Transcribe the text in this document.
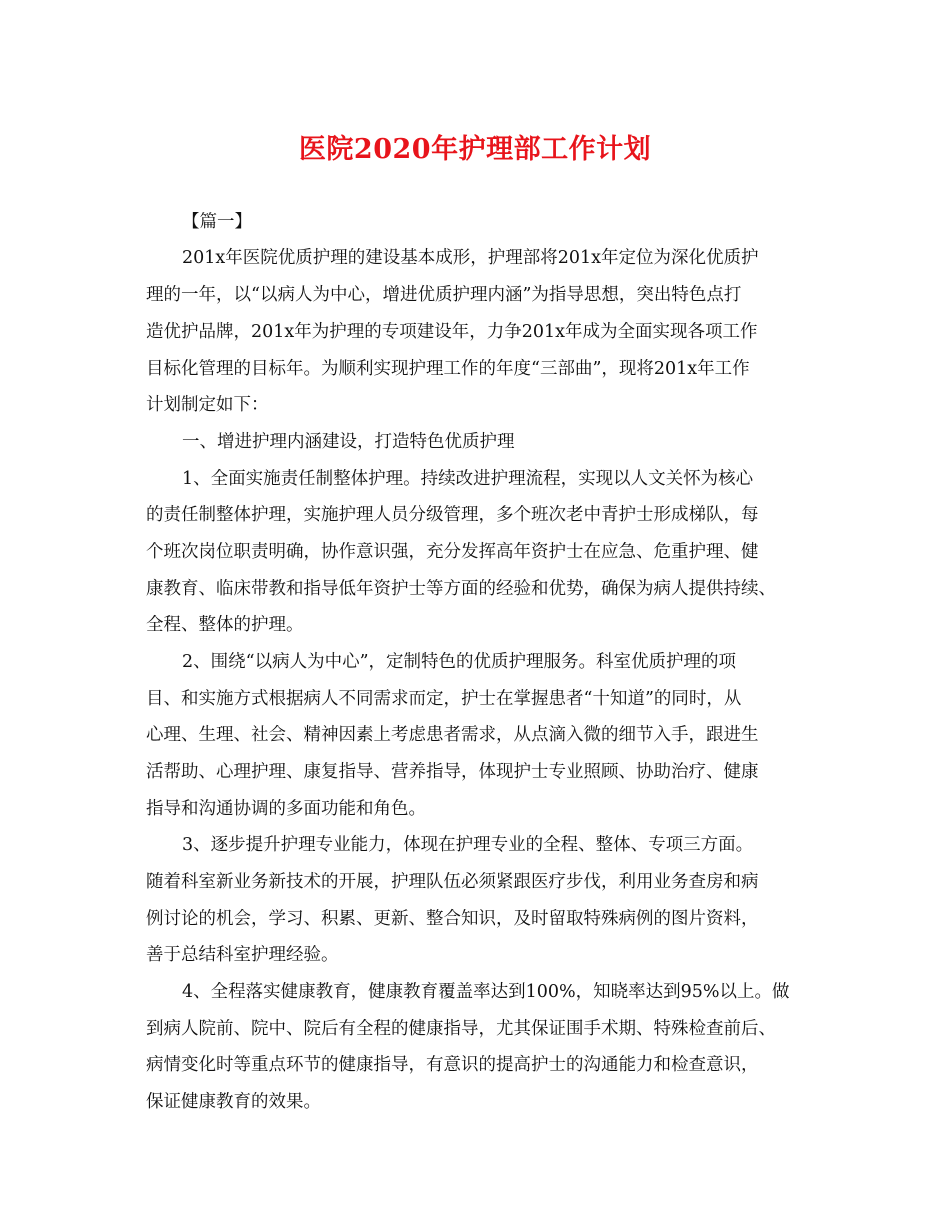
医院2020年护理部工作计划
【篇一】
201x年医院优质护理的建设基本成形，护理部将201x年定位为深化优质护
理的一年，以“以病人为中心，增进优质护理内涵”为指导思想，突出特色点打
造优护品牌，201x年为护理的专项建设年，力争201x年成为全面实现各项工作
目标化管理的目标年。为顺利实现护理工作的年度“三部曲”，现将201x年工作
计划制定如下：
一、增进护理内涵建设，打造特色优质护理
1、全面实施责任制整体护理。持续改进护理流程，实现以人文关怀为核心
的责任制整体护理，实施护理人员分级管理，多个班次老中青护士形成梯队，每
个班次岗位职责明确，协作意识强，充分发挥高年资护士在应急、危重护理、健
康教育、临床带教和指导低年资护士等方面的经验和优势，确保为病人提供持续、
全程、整体的护理。
2、围绕“以病人为中心”，定制特色的优质护理服务。科室优质护理的项
目、和实施方式根据病人不同需求而定，护士在掌握患者“十知道”的同时，从
心理、生理、社会、精神因素上考虑患者需求，从点滴入微的细节入手，跟进生
活帮助、心理护理、康复指导、营养指导，体现护士专业照顾、协助治疗、健康
指导和沟通协调的多面功能和角色。
3、逐步提升护理专业能力，体现在护理专业的全程、整体、专项三方面。
随着科室新业务新技术的开展，护理队伍必须紧跟医疗步伐，利用业务查房和病
例讨论的机会，学习、积累、更新、整合知识，及时留取特殊病例的图片资料，
善于总结科室护理经验。
4、全程落实健康教育，健康教育覆盖率达到100%，知晓率达到95%以上。做
到病人院前、院中、院后有全程的健康指导，尤其保证围手术期、特殊检查前后、
病情变化时等重点环节的健康指导，有意识的提高护士的沟通能力和检查意识，
保证健康教育的效果。
